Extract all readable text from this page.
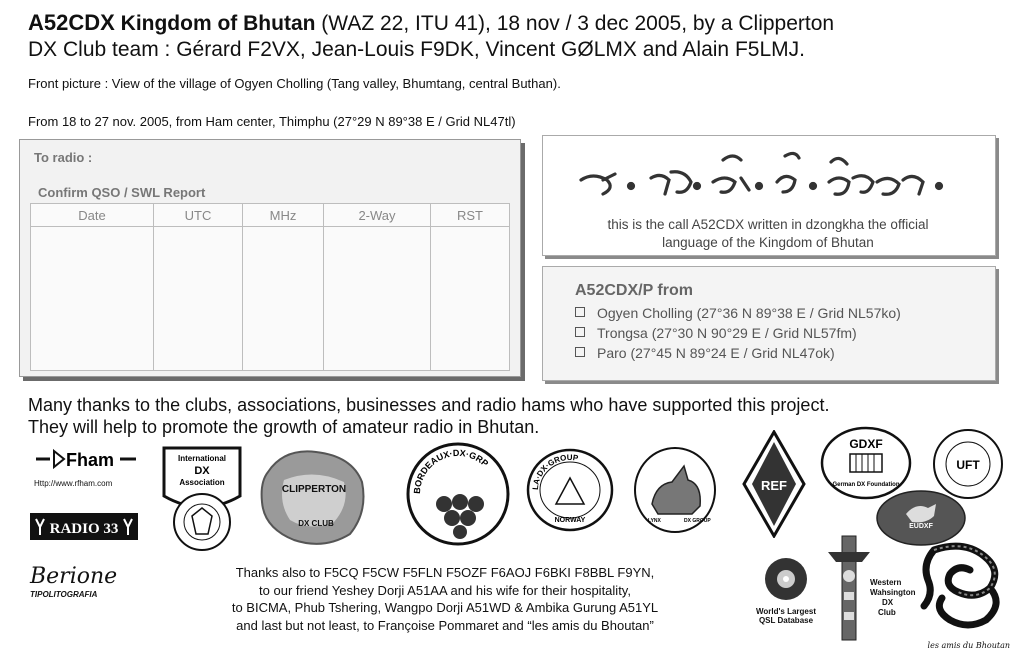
A52CDX Kingdom of Bhutan (WAZ 22, ITU 41), 18 nov / 3 dec 2005, by a Clipperton
DX Club team : Gérard F2VX, Jean-Louis F9DK, Vincent GØLMX and Alain F5LMJ.
Front picture : View of the village of Ogyen Cholling (Tang valley, Bhumtang, central Buthan).
From 18 to 27 nov. 2005, from Ham center, Thimphu (27°29 N 89°38 E / Grid NL47tl)
To radio :
Confirm QSO / SWL Report
Date	UTC	MHz	2-Way	RST

this is the call A52CDX written in dzongkha the official
language of the Kingdom of Bhutan
A52CDX/P from
Ogyen Cholling (27°36 N 89°38 E / Grid NL57ko)
Trongsa (27°30 N 90°29 E / Grid NL57fm)
Paro (27°45 N 89°24 E / Grid NL47ok)
Many thanks to the clubs, associations, businesses and radio hams who have supported this project.
They will help to promote the growth of amateur radio in Bhutan.
Fham
Http://www.rfham.com
RADIO 33
International
DX
Association
CLIPPERTON
DX CLUB
BORDEAUX·DX·GRP
LA·DX·GROUP
NORWAY	LYNX	DX GROUP
REF
GDXF
German DX Foundation
UFT
EUDXF
Berione
TIPOLITOGRAFIA
Thanks also to F5CQ F5CW F5FLN F5OZF F6AOJ F6BKI F8BBL F9YN,
to our friend Yeshey Dorji A51AA and his wife for their hospitality,
to BICMA, Phub Tshering, Wangpo Dorji A51WD & Ambika Gurung A51YL
and last but not least, to Françoise Pommaret and “les amis du Bhoutan”
World's Largest
QSL Database
Western
Wahsington
DX
Club
les amis du Bhoutan
